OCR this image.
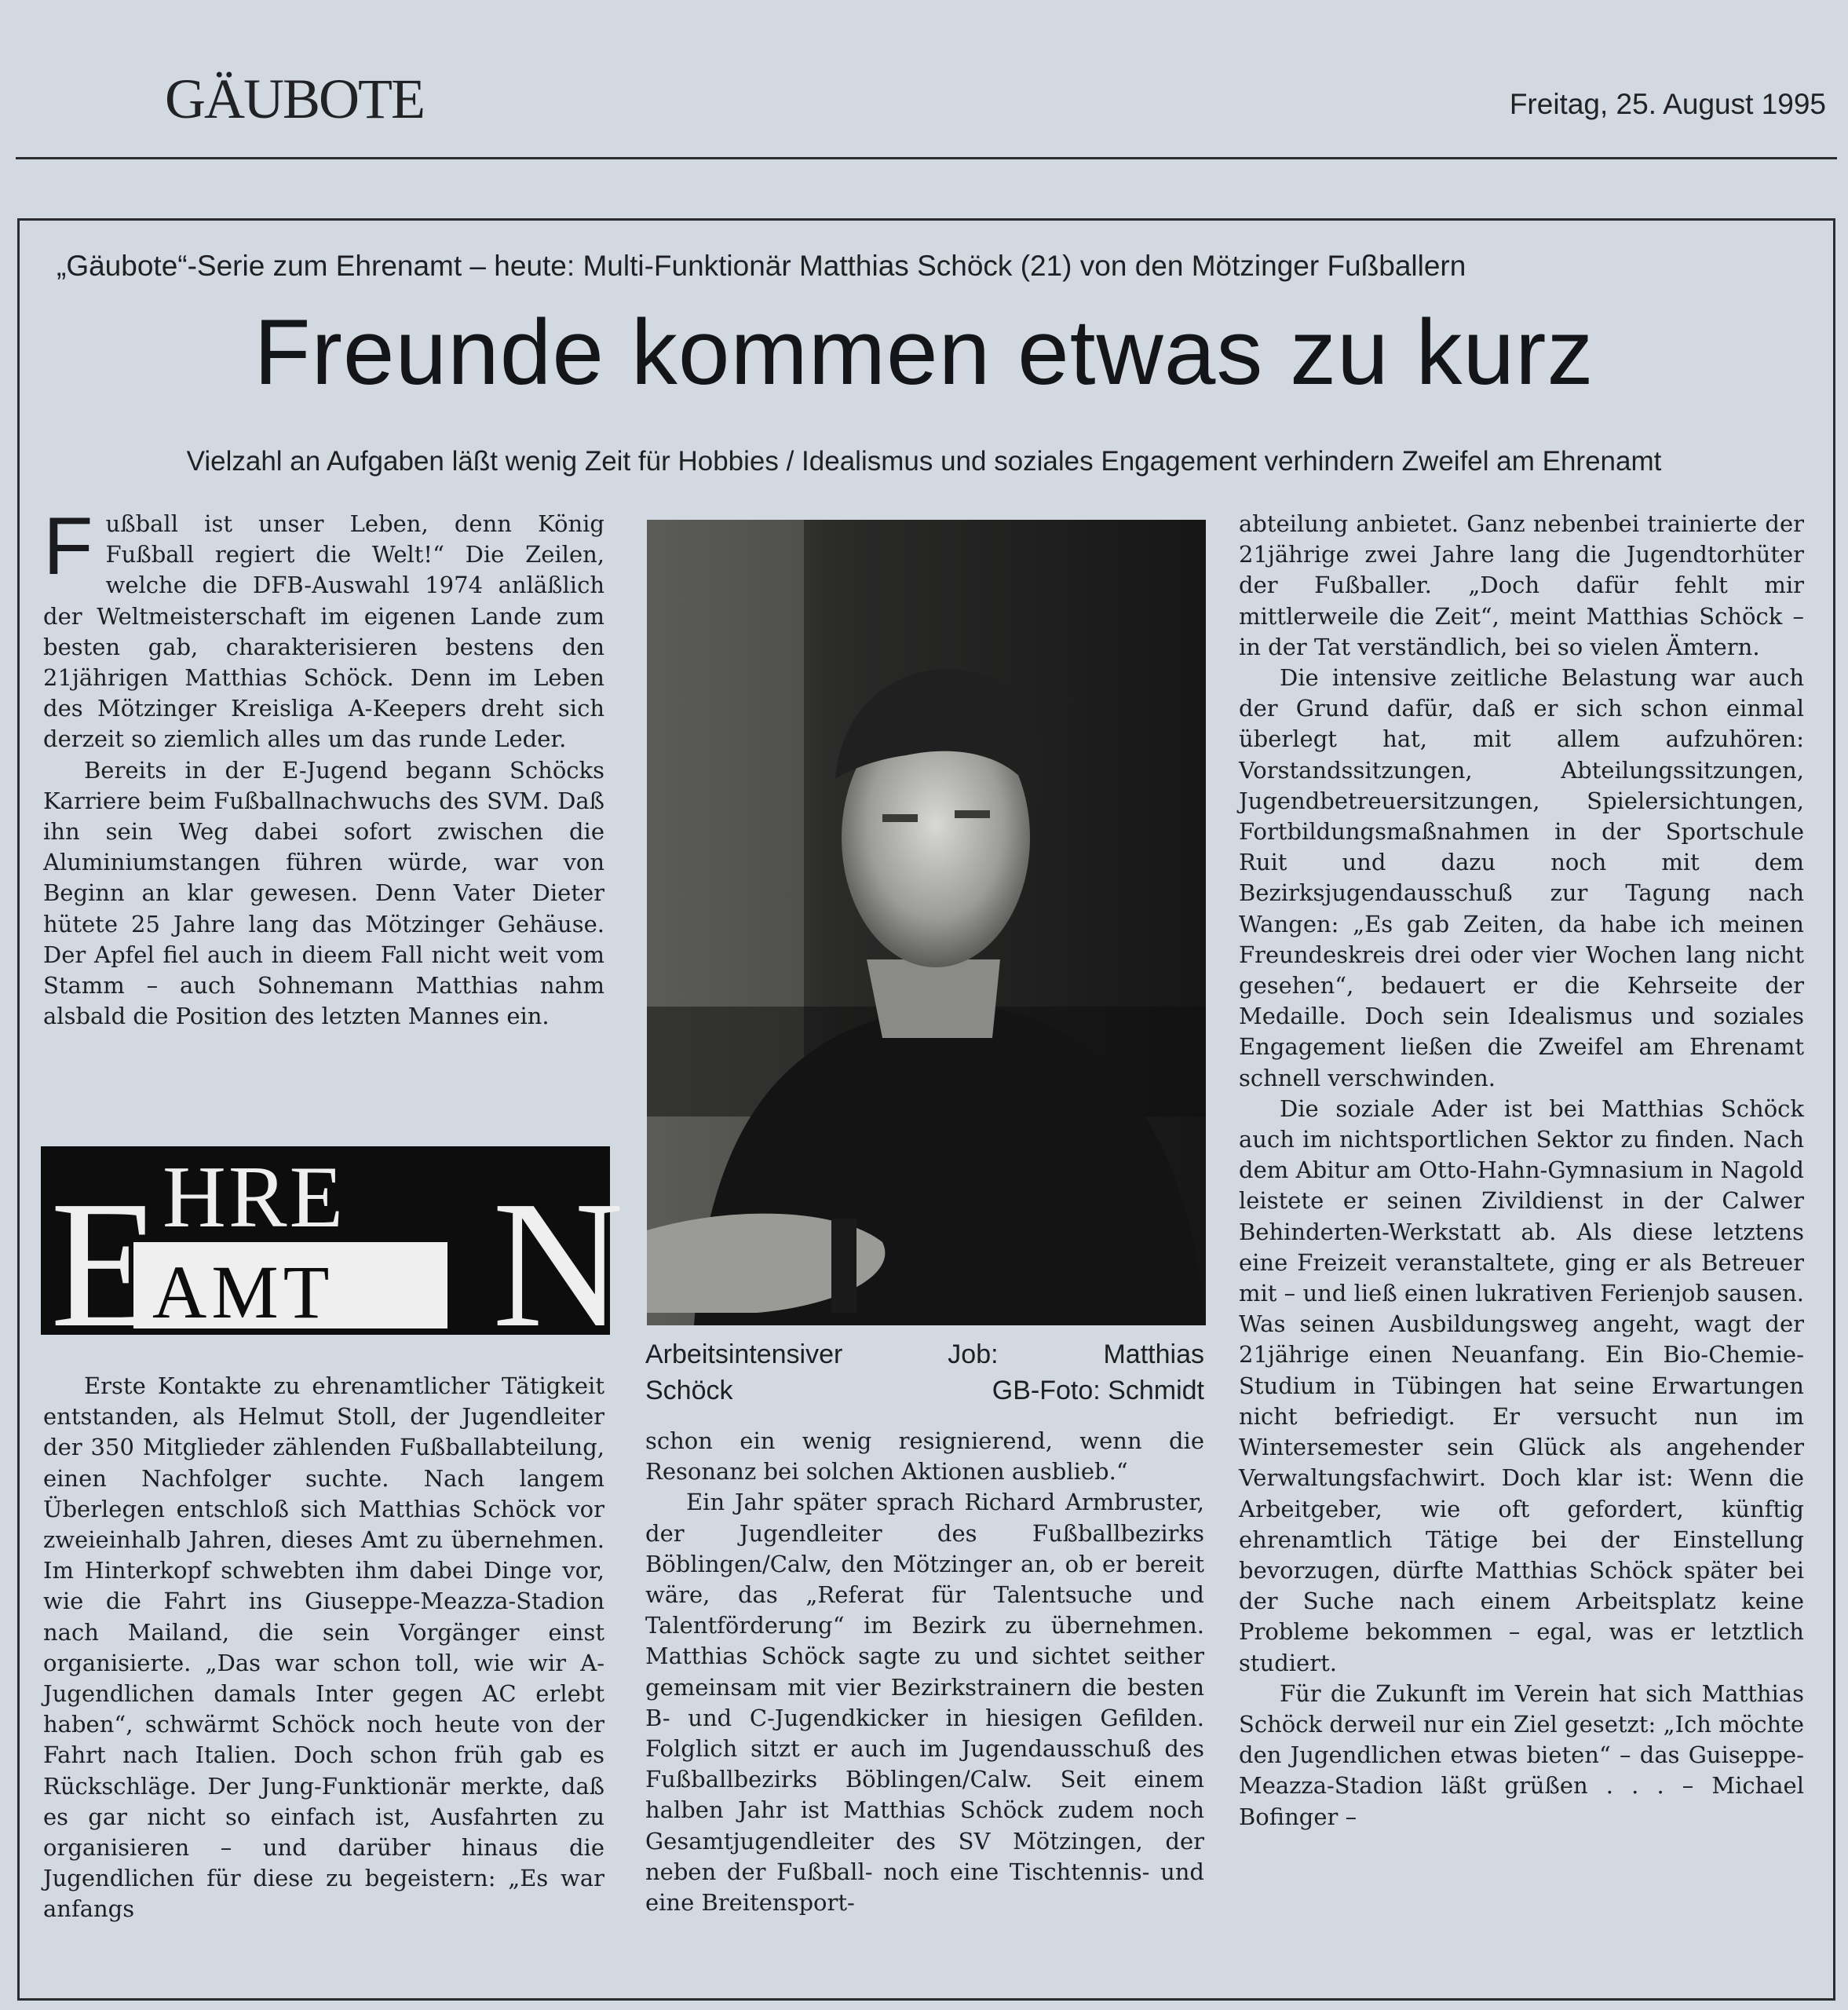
GÄUBOTE	Freitag, 25. August 1995
„Gäubote“-Serie zum Ehrenamt – heute: Multi-Funktionär Matthias Schöck (21) von den Mötzinger Fußballern
Freunde kommen etwas zu kurz
Vielzahl an Aufgaben läßt wenig Zeit für Hobbies / Idealismus und soziales Engagement verhindern Zweifel am Ehrenamt

Fußball ist unser Leben, denn König Fußball regiert die Welt!“ Die Zeilen, welche die DFB-Auswahl 1974 anläßlich der Weltmeisterschaft im eigenen Lande zum besten gab, charakterisieren bestens den 21jährigen Matthias Schöck. Denn im Leben des Mötzinger Kreisliga A-Keepers dreht sich derzeit so ziemlich alles um das runde Leder.

Bereits in der E-Jugend begann Schöcks Karriere beim Fußballnachwuchs des SVM. Daß ihn sein Weg dabei sofort zwischen die Aluminiumstangen führen würde, war von Beginn an klar gewesen. Denn Vater Dieter hütete 25 Jahre lang das Mötzinger Gehäuse. Der Apfel fiel auch in dieem Fall nicht weit vom Stamm – auch Sohnemann Matthias nahm alsbald die Position des letzten Mannes ein.

E N
HRE
AMT

Erste Kontakte zu ehrenamtlicher Tätigkeit entstanden, als Helmut Stoll, der Jugendleiter der 350 Mitglieder zählenden Fußballabteilung, einen Nachfolger suchte. Nach langem Überlegen entschloß sich Matthias Schöck vor zweieinhalb Jahren, dieses Amt zu übernehmen. Im Hinterkopf schwebten ihm dabei Dinge vor, wie die Fahrt ins Giuseppe-Meazza-Stadion nach Mailand, die sein Vorgänger einst organisierte. „Das war schon toll, wie wir A-Jugendlichen damals Inter gegen AC erlebt haben“, schwärmt Schöck noch heute von der Fahrt nach Italien. Doch schon früh gab es Rückschläge. Der Jung-Funktionär merkte, daß es gar nicht so einfach ist, Ausfahrten zu organisieren – und darüber hinaus die Jugendlichen für diese zu begeistern: „Es war anfangs

Arbeitsintensiver	Job:	Matthias
Schöck	GB-Foto: Schmidt

schon ein wenig resignierend, wenn die Resonanz bei solchen Aktionen ausblieb.“

Ein Jahr später sprach Richard Armbruster, der Jugendleiter des Fußballbezirks Böblingen/Calw, den Mötzinger an, ob er bereit wäre, das „Referat für Talentsuche und Talentförderung“ im Bezirk zu übernehmen. Matthias Schöck sagte zu und sichtet seither gemeinsam mit vier Bezirkstrainern die besten B- und C-Jugendkicker in hiesigen Gefilden. Folglich sitzt er auch im Jugendausschuß des Fußballbezirks Böblingen/Calw. Seit einem halben Jahr ist Matthias Schöck zudem noch Gesamtjugendleiter des SV Mötzingen, der neben der Fußball- noch eine Tischtennis- und eine Breitensport-

abteilung anbietet. Ganz nebenbei trainierte der 21jährige zwei Jahre lang die Jugendtorhüter der Fußballer. „Doch dafür fehlt mir mittlerweile die Zeit“, meint Matthias Schöck – in der Tat verständlich, bei so vielen Ämtern.

Die intensive zeitliche Belastung war auch der Grund dafür, daß er sich schon einmal überlegt hat, mit allem aufzuhören: Vorstandssitzungen, Abteilungssitzungen, Jugendbetreuersitzungen, Spielersichtungen, Fortbildungsmaßnahmen in der Sportschule Ruit und dazu noch mit dem Bezirksjugendausschuß zur Tagung nach Wangen: „Es gab Zeiten, da habe ich meinen Freundeskreis drei oder vier Wochen lang nicht gesehen“, bedauert er die Kehrseite der Medaille. Doch sein Idealismus und soziales Engagement ließen die Zweifel am Ehrenamt schnell verschwinden.

Die soziale Ader ist bei Matthias Schöck auch im nichtsportlichen Sektor zu finden. Nach dem Abitur am Otto-Hahn-Gymnasium in Nagold leistete er seinen Zivildienst in der Calwer Behinderten-Werkstatt ab. Als diese letztens eine Freizeit veranstaltete, ging er als Betreuer mit – und ließ einen lukrativen Ferienjob sausen. Was seinen Ausbildungsweg angeht, wagt der 21jährige einen Neuanfang. Ein Bio-Chemie-Studium in Tübingen hat seine Erwartungen nicht befriedigt. Er versucht nun im Wintersemester sein Glück als angehender Verwaltungsfachwirt. Doch klar ist: Wenn die Arbeitgeber, wie oft gefordert, künftig ehrenamtlich Tätige bei der Einstellung bevorzugen, dürfte Matthias Schöck später bei der Suche nach einem Arbeitsplatz keine Probleme bekommen – egal, was er letztlich studiert.

Für die Zukunft im Verein hat sich Matthias Schöck derweil nur ein Ziel gesetzt: „Ich möchte den Jugendlichen etwas bieten“ – das Guiseppe-Meazza-Stadion läßt grüßen . . . – Michael Bofinger –
